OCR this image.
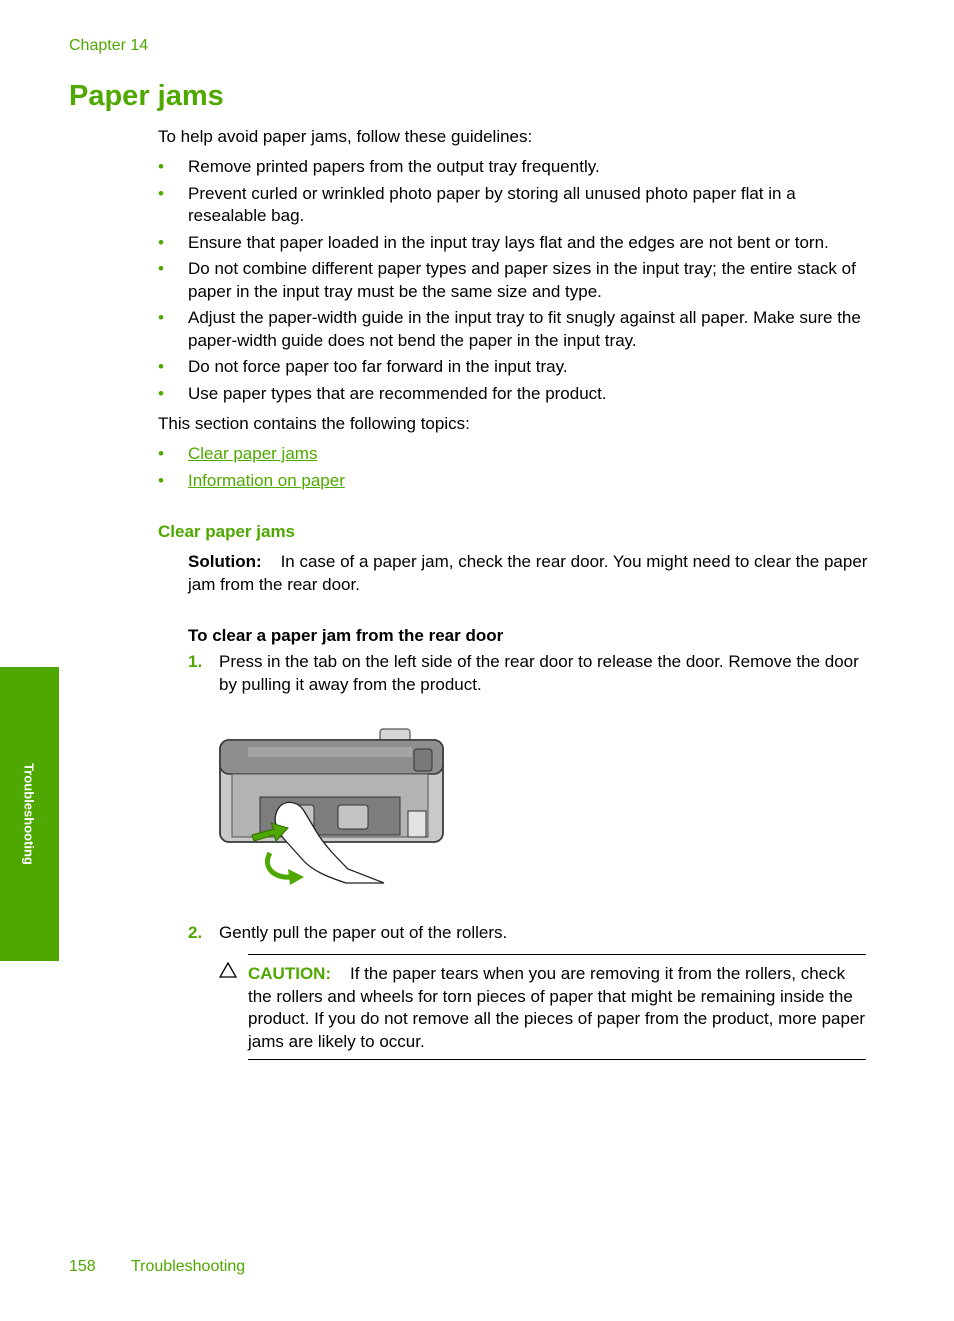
Chapter 14
Paper jams
To help avoid paper jams, follow these guidelines:
• Remove printed papers from the output tray frequently.
• Prevent curled or wrinkled photo paper by storing all unused photo paper flat in a resealable bag.
• Ensure that paper loaded in the input tray lays flat and the edges are not bent or torn.
• Do not combine different paper types and paper sizes in the input tray; the entire stack of paper in the input tray must be the same size and type.
• Adjust the paper-width guide in the input tray to fit snugly against all paper. Make sure the paper-width guide does not bend the paper in the input tray.
• Do not force paper too far forward in the input tray.
• Use paper types that are recommended for the product.
This section contains the following topics:
• Clear paper jams
• Information on paper
Clear paper jams
Solution: In case of a paper jam, check the rear door. You might need to clear the paper jam from the rear door.
To clear a paper jam from the rear door
1. Press in the tab on the left side of the rear door to release the door. Remove the door by pulling it away from the product.
2. Gently pull the paper out of the rollers.
CAUTION: If the paper tears when you are removing it from the rollers, check the rollers and wheels for torn pieces of paper that might be remaining inside the product. If you do not remove all the pieces of paper from the product, more paper jams are likely to occur.
Troubleshooting
158 Troubleshooting
